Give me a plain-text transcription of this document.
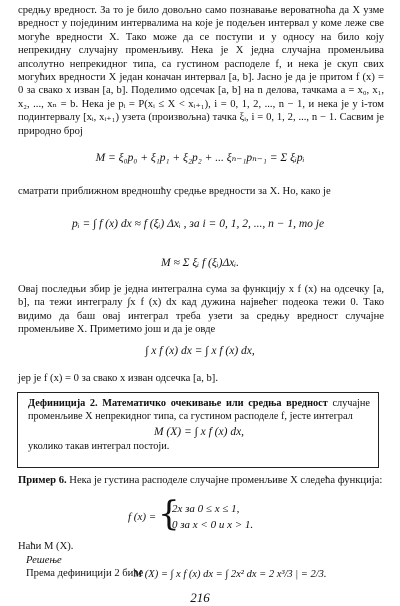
средњу вредност. За то је било довољно само познавање вероватноћа да X узме вредност у појединим интервалима на које је подељен интервал у коме леже све могуће вредности X. Тако може да се поступи и у односу на било коју непрекидну случајну променљиву. Нека је X једна случајна променљива апсолутно непрекидног типа, са густином расподеле f, и нека је скуп свих могућих вредности X један коначан интервал [a, b]. Јасно је да је притом f (x) = 0 за свако x изван [a, b]. Поделимо одсечак [a, b] на n делова, тачкама a = x₀, x₁, x₂, ..., xₙ = b. Нека је pᵢ = P(xᵢ ≤ X < xᵢ₊₁), i = 0, 1, 2, ..., n − 1, и нека је у i-том подинтервалу [xᵢ, xᵢ₊₁) узета (произвољна) тачка ξᵢ, i = 0, 1, 2, ..., n − 1. Сасвим је природно број

M = ξ₀p₀ + ξ₁p₁ + ξ₂p₂ + ... ξₙ₋₁pₙ₋₁ = Σ ξᵢpᵢ

сматрати приближном вредношћу средње вредности за X. Но, како је

pᵢ = ∫ f (x) dx ≈ f (ξᵢ) Δxᵢ , за i = 0, 1, 2, ..., n − 1, то је
M ≈ Σ ξᵢ f (ξᵢ)Δxᵢ.

Овај последњи збир је једна интегрална сума за функцију x f (x) на одсечку [a, b], па тежи интегралу ∫x f (x) dx кад дужина највећег подеока тежи 0. Тако видимо да баш овај интеграл треба узети за средњу вредност случајне променљиве X. Приметимо још и да је овде

∫ x f (x) dx = ∫ x f (x) dx,

јер је f (x) = 0 за свако x изван одсечка [a, b].

Дефиниција 2. Математичко очекивање или средња вредност случајне променљиве X непрекидног типа, са густином расподеле f, јесте интеграл

M (X) = ∫ x f (x) dx,

уколико такав интеграл постоји.

Пример 6. Нека је густина расподеле случајне променљиве X следећа функција:

f (x) = {
2x за 0 ≤ x ≤ 1,
0 за x < 0 и x > 1.

Наћи M (X).

Решење

Према дефиницији 2 биће

M (X) = ∫ x f (x) dx = ∫ 2x² dx = 2 x³/3 | = 2/3.
216
